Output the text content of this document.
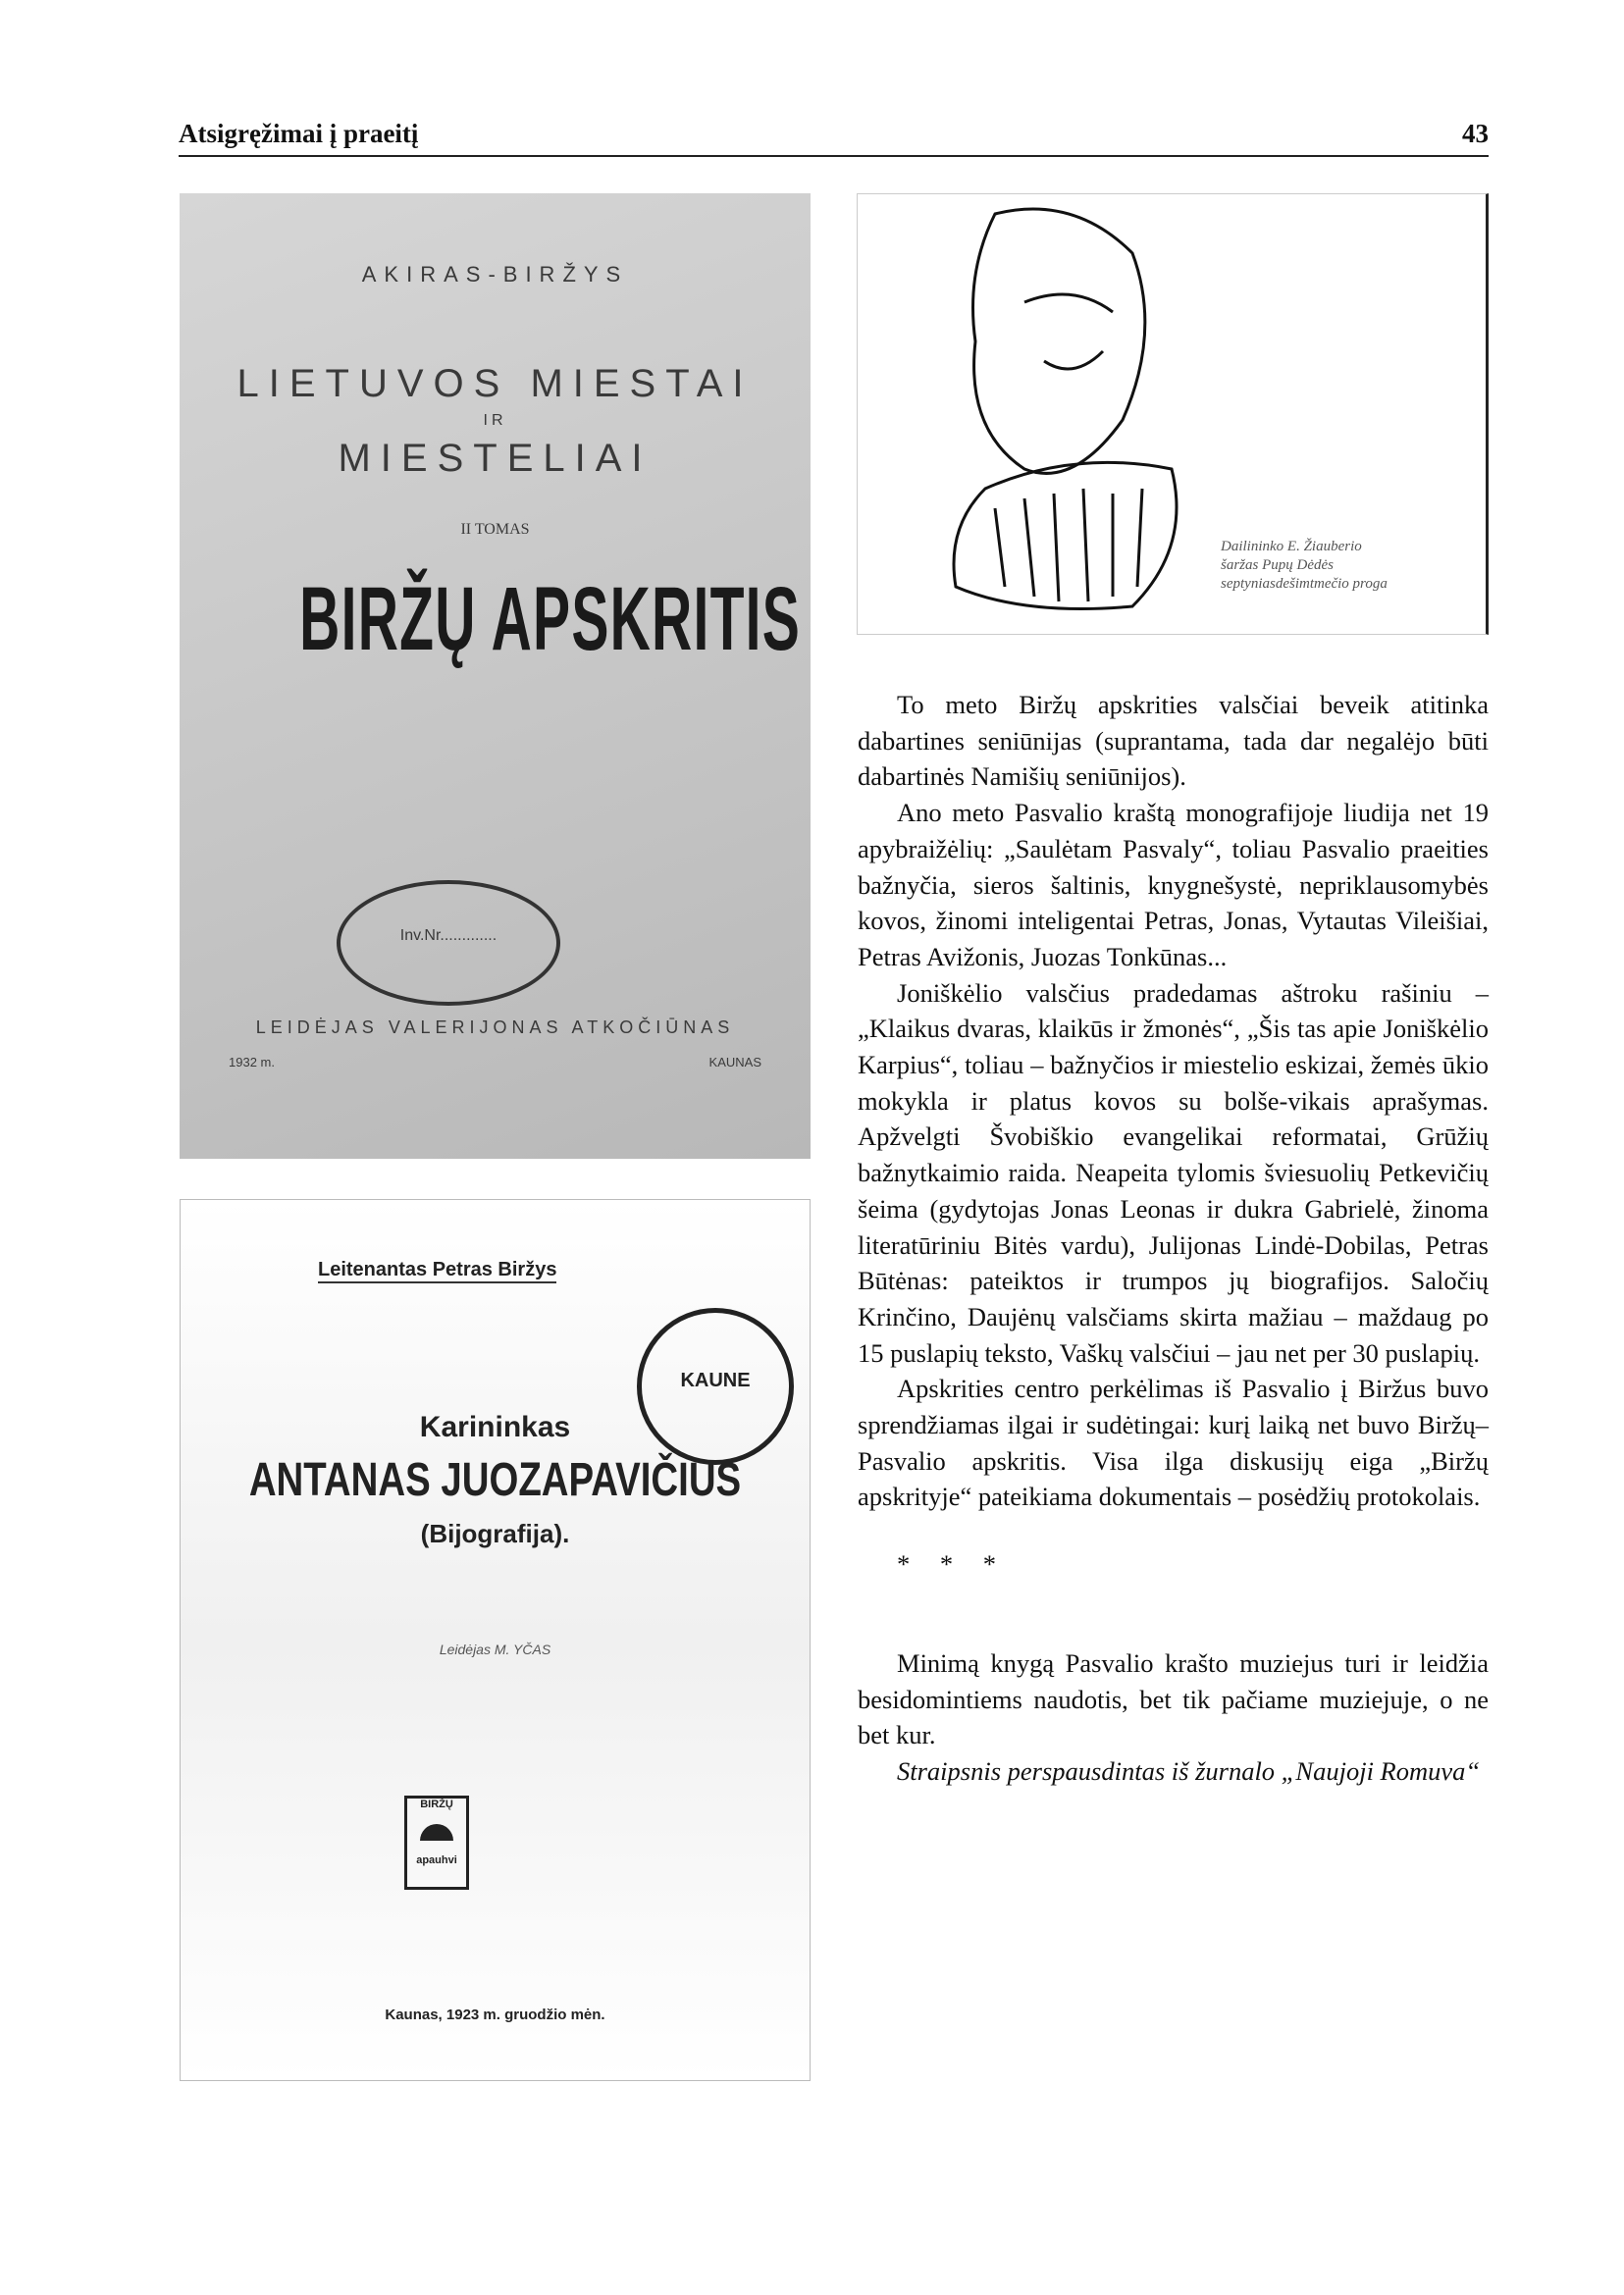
Atsigręžimai į praeitį	43
AKIRAS-BIRŽYS
LIETUVOS MIESTAI
IR
MIESTELIAI
II TOMAS
BIRŽŲ APSKRITIS
Inv.Nr.............
LEIDĖJAS VALERIJONAS ATKOČIŪNAS
1932 m.	KAUNAS
Leitenantas Petras Biržys
KAUNE
Karininkas
ANTANAS JUOZAPAVIČIUS
(Bijografija).
Leidėjas M. YČAS
BIRŽŲ
apauhvi
Kaunas, 1923 m. gruodžio mėn.
Dailininko E. Žiauberio
šaržas Pupų Dėdės
septyniasdešimtmečio proga

To meto Biržų apskrities valsčiai beveik atitinka dabartines seniūnijas (suprantama, tada dar negalėjo būti dabartinės Namišių seniūnijos).

Ano meto Pasvalio kraštą monografijoje liudija net 19 apybraižėlių: „Saulėtam Pasvaly“, toliau Pasvalio praeities bažnyčia, sieros šaltinis, knygnešystė, nepriklausomybės kovos, žinomi inteligentai Petras, Jonas, Vytautas Vileišiai, Petras Avižonis, Juozas Tonkūnas...

Joniškėlio valsčius pradedamas aštroku rašiniu – „Klaikus dvaras, klaikūs ir žmonės“, „Šis tas apie Joniškėlio Karpius“, toliau – bažnyčios ir miestelio eskizai, žemės ūkio mokykla ir platus kovos su bolše-vikais aprašymas. Apžvelgti Švobiškio evangelikai reformatai, Grūžių bažnytkaimio raida. Neapeita tylomis šviesuolių Petkevičių šeima (gydytojas Jonas Leonas ir dukra Gabrielė, žinoma literatūriniu Bitės vardu), Julijonas Lindė-Dobilas, Petras Būtėnas: pateiktos ir trumpos jų biografijos. Saločių Krinčino, Daujėnų valsčiams skirta mažiau – maždaug po 15 puslapių teksto, Vaškų valsčiui – jau net per 30 puslapių.

Apskrities centro perkėlimas iš Pasvalio į Biržus buvo sprendžiamas ilgai ir sudėtingai: kurį laiką net buvo Biržų–Pasvalio apskritis. Visa ilga diskusijų eiga „Biržų apskrityje“ pateikiama dokumentais – posėdžių protokolais.

* * *

Minimą knygą Pasvalio krašto muziejus turi ir leidžia besidomintiems naudotis, bet tik pačiame muziejuje, o ne bet kur.

Straipsnis perspausdintas iš žurnalo „Naujoji Romuva“
